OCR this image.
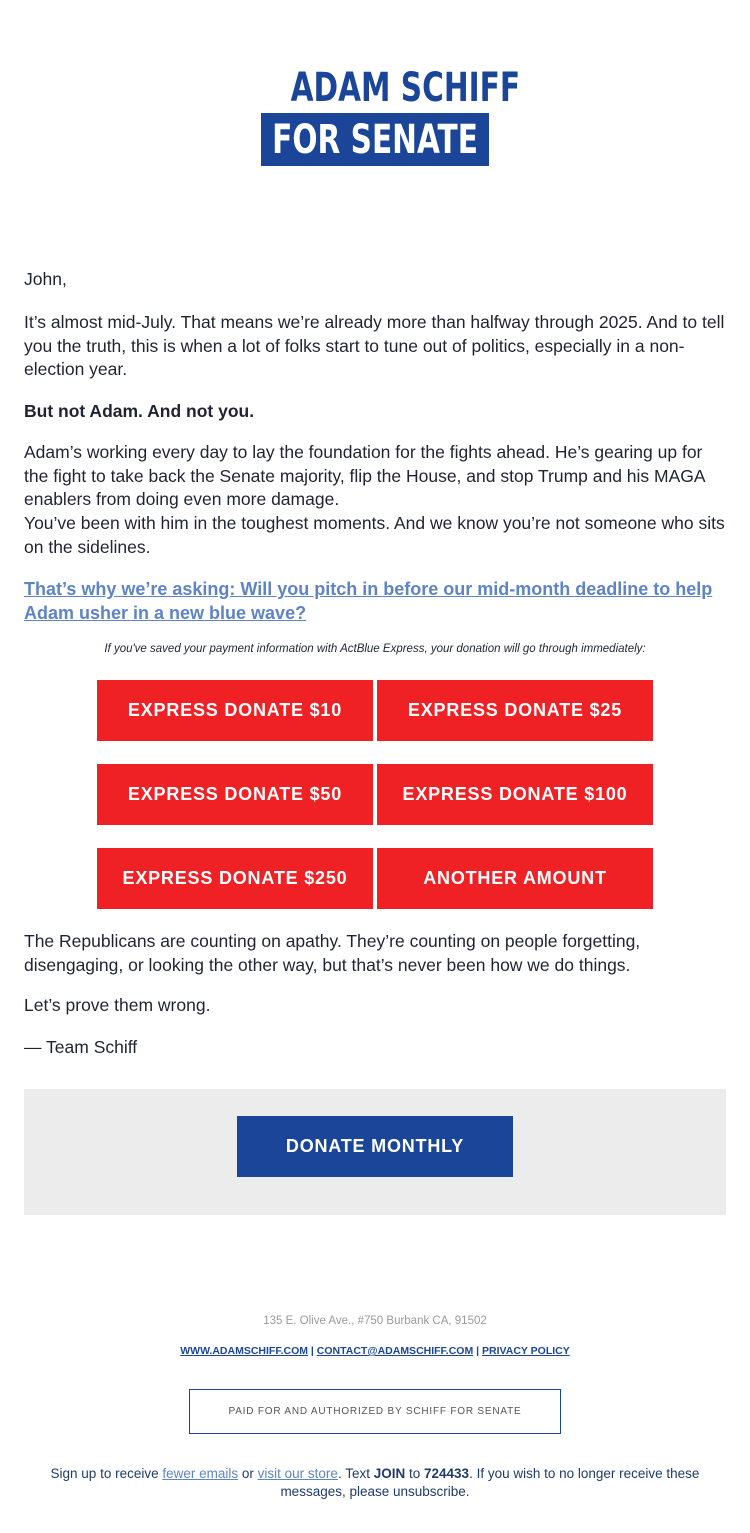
ADAM SCHIFF
FOR SENATE

John,

It’s almost mid-July. That means we’re already more than halfway through 2025. And to tell you the truth, this is when a lot of folks start to tune out of politics, especially in a non-election year.

But not Adam. And not you.

Adam’s working every day to lay the foundation for the fights ahead. He’s gearing up for the fight to take back the Senate majority, flip the House, and stop Trump and his MAGA enablers from doing even more damage.

You’ve been with him in the toughest moments. And we know you’re not someone who sits on the sidelines.

That’s why we’re asking: Will you pitch in before our mid-month deadline to help Adam usher in a new blue wave?
If you've saved your payment information with ActBlue Express, your donation will go through immediately:
EXPRESS DONATE $10	EXPRESS DONATE $25
EXPRESS DONATE $50	EXPRESS DONATE $100
EXPRESS DONATE $250	ANOTHER AMOUNT

The Republicans are counting on apathy. They’re counting on people forgetting, disengaging, or looking the other way, but that’s never been how we do things.

Let’s prove them wrong.

— Team Schiff

DONATE MONTHLY
135 E. Olive Ave., #750 Burbank CA, 91502
WWW.ADAMSCHIFF.COM | CONTACT@ADAMSCHIFF.COM | PRIVACY POLICY
PAID FOR AND AUTHORIZED BY SCHIFF FOR SENATE
Sign up to receive fewer emails or visit our store. Text JOIN to 724433. If you wish to no longer receive these messages, please unsubscribe.
